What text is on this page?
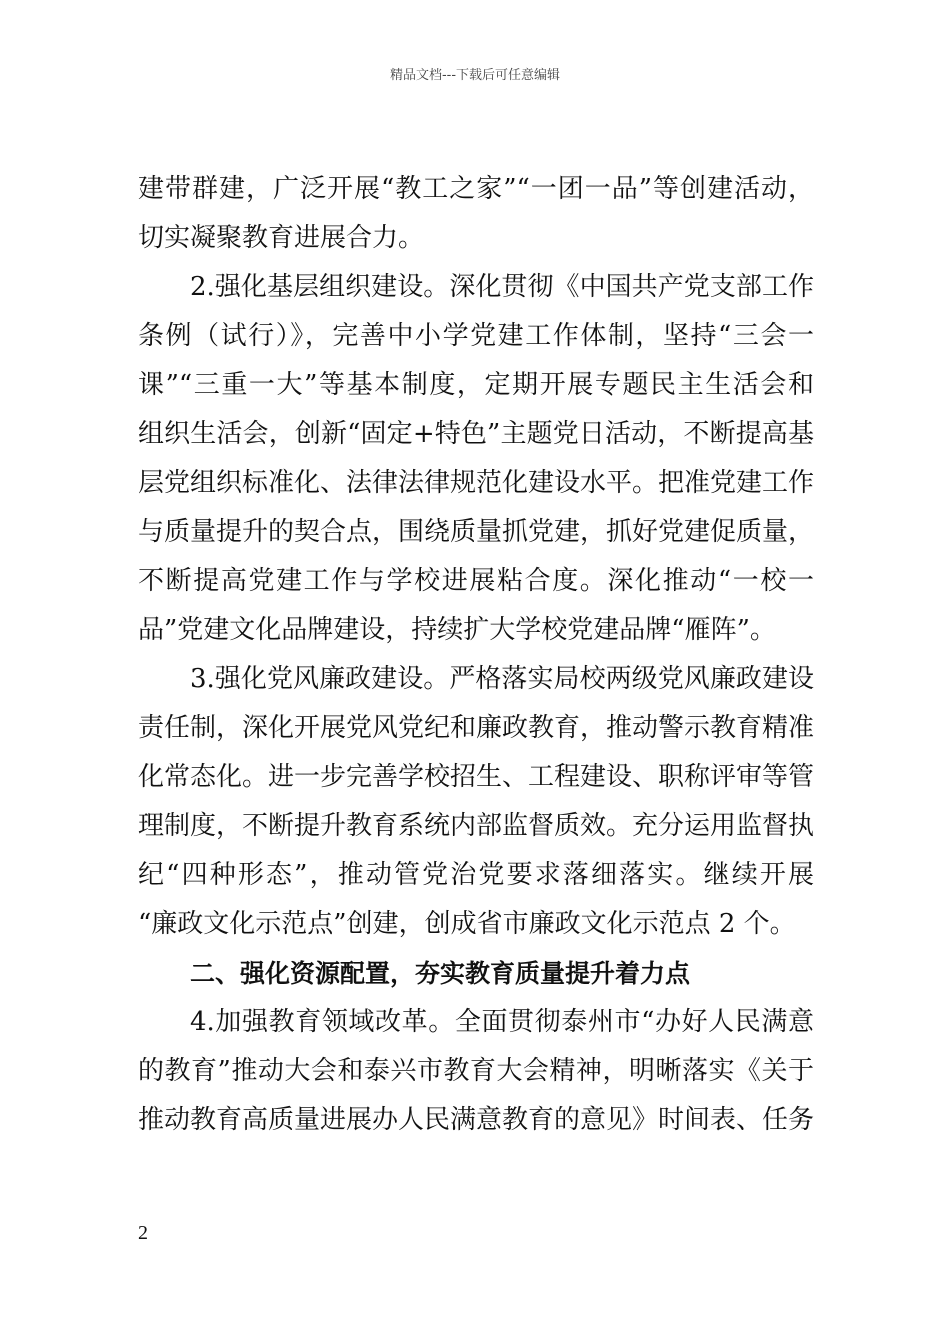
精品文档---下载后可任意编辑
建带群建，广泛开展“教工之家”“一团一品”等创建活动，
切实凝聚教育进展合力。
2.强化基层组织建设。深化贯彻《中国共产党支部工作
条例（试行）》，完善中小学党建工作体制，坚持“三会一
课”“三重一大”等基本制度，定期开展专题民主生活会和
组织生活会，创新“固定+特色”主题党日活动，不断提高基
层党组织标准化、法律法律规范化建设水平。把准党建工作
与质量提升的契合点，围绕质量抓党建，抓好党建促质量，
不断提高党建工作与学校进展粘合度。深化推动“一校一
品”党建文化品牌建设，持续扩大学校党建品牌“雁阵”。
3.强化党风廉政建设。严格落实局校两级党风廉政建设
责任制，深化开展党风党纪和廉政教育，推动警示教育精准
化常态化。进一步完善学校招生、工程建设、职称评审等管
理制度，不断提升教育系统内部监督质效。充分运用监督执
纪“四种形态”，推动管党治党要求落细落实。继续开展
“廉政文化示范点”创建，创成省市廉政文化示范点 2 个。
二、强化资源配置，夯实教育质量提升着力点
4.加强教育领域改革。全面贯彻泰州市“办好人民满意
的教育”推动大会和泰兴市教育大会精神，明晰落实《关于
推动教育高质量进展办人民满意教育的意见》时间表、任务
2
